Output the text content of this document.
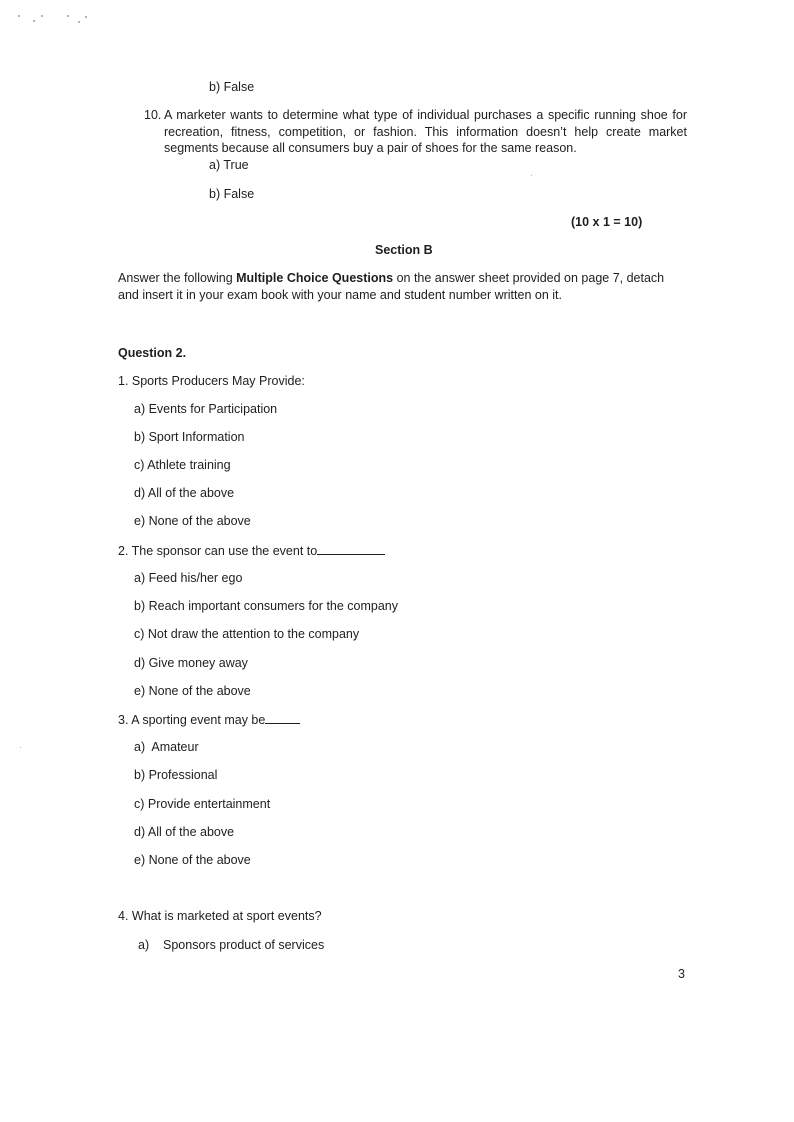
b) False
10. A marketer wants to determine what type of individual purchases a specific running shoe for recreation, fitness, competition, or fashion. This information doesn’t help create market segments because all consumers buy a pair of shoes for the same reason.
a) True
b) False
(10 x 1 = 10)
Section B
Answer the following Multiple Choice Questions on the answer sheet provided on page 7, detach and insert it in your exam book with your name and student number written on it.
Question 2.
1. Sports Producers May Provide:
a) Events for Participation
b) Sport Information
c) Athlete training
d) All of the above
e) None of the above
2. The sponsor can use the event to
a) Feed his/her ego
b) Reach important consumers for the company
c) Not draw the attention to the company
d) Give money away
e) None of the above
3. A sporting event may be
a)  Amateur
b) Professional
c) Provide entertainment
d) All of the above
e) None of the above
4. What is marketed at sport events?
a)    Sponsors product of services
3
